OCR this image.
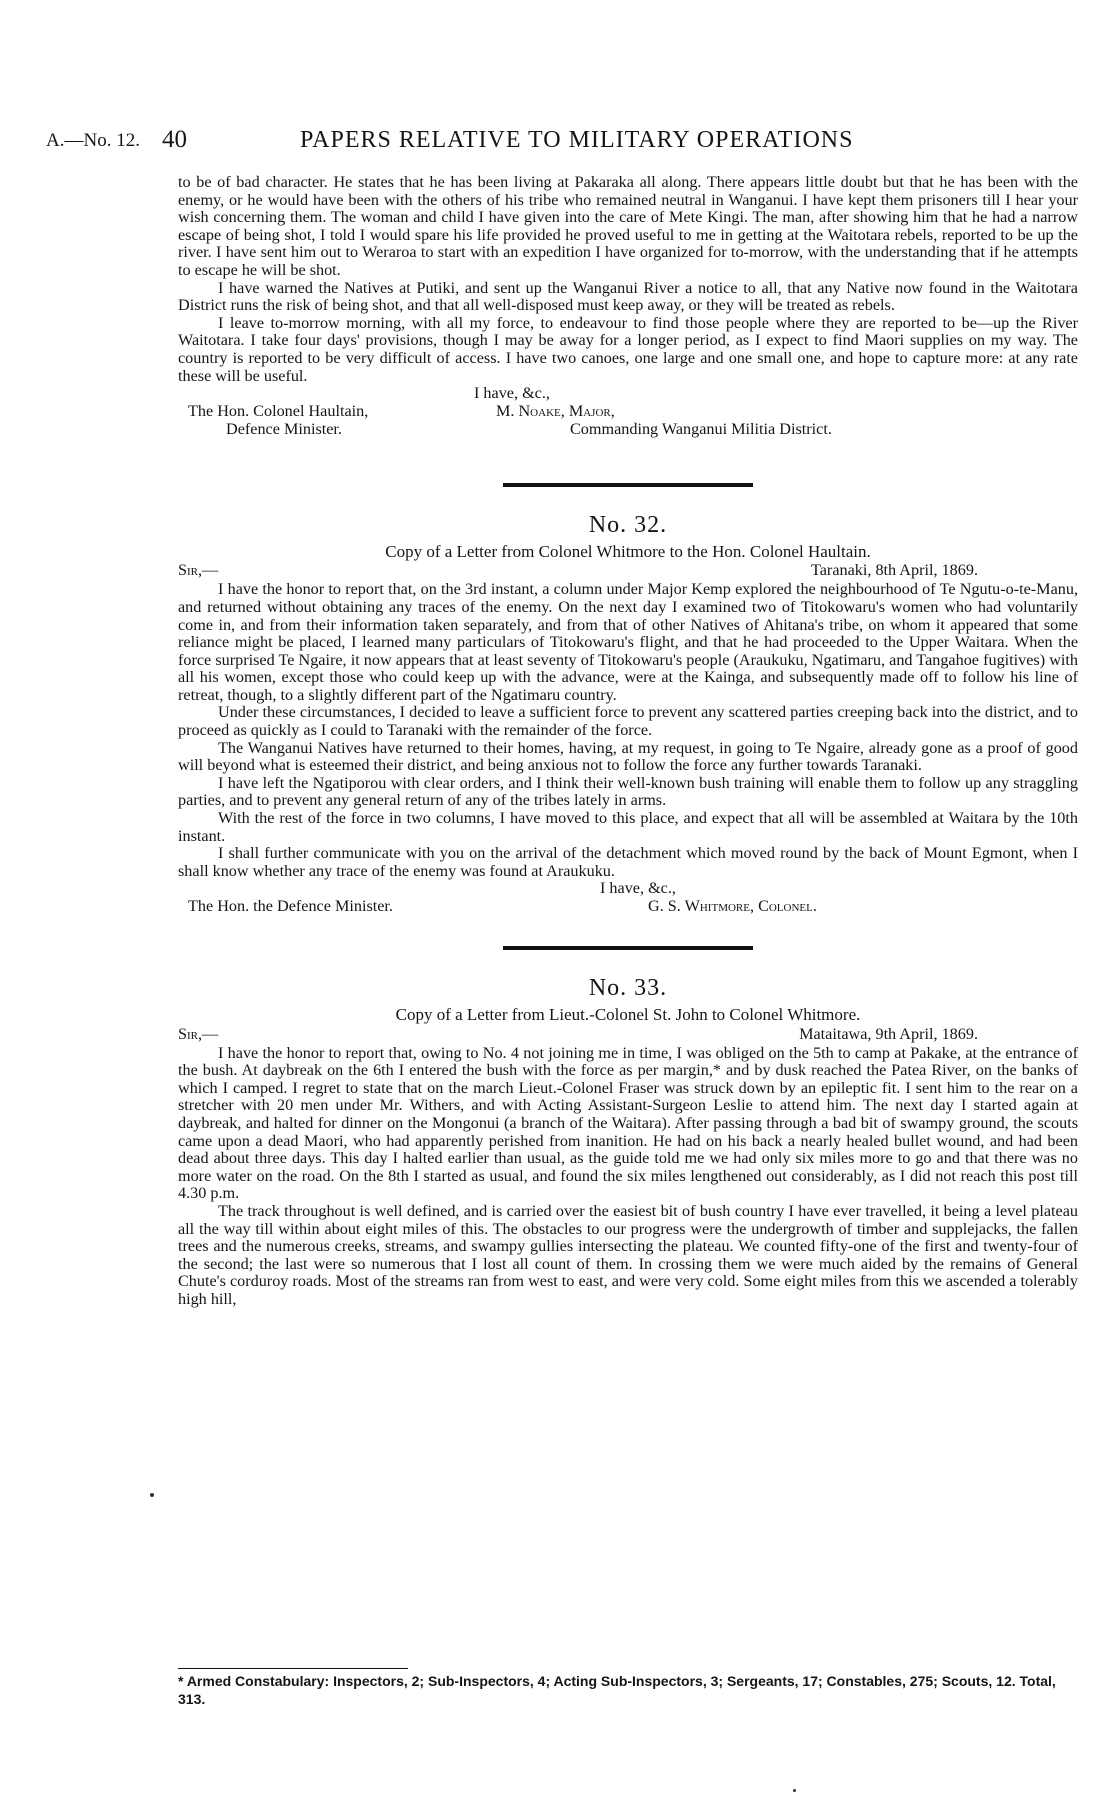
A.—No. 12. 40	PAPERS RELATIVE TO MILITARY OPERATIONS

to be of bad character. He states that he has been living at Pakaraka all along. There appears little doubt but that he has been with the enemy, or he would have been with the others of his tribe who remained neutral in Wanganui. I have kept them prisoners till I hear your wish concerning them. The woman and child I have given into the care of Mete Kingi. The man, after showing him that he had a narrow escape of being shot, I told I would spare his life provided he proved useful to me in getting at the Waitotara rebels, reported to be up the river. I have sent him out to Weraroa to start with an expedition I have organized for to-morrow, with the understanding that if he attempts to escape he will be shot.

I have warned the Natives at Putiki, and sent up the Wanganui River a notice to all, that any Native now found in the Waitotara District runs the risk of being shot, and that all well-disposed must keep away, or they will be treated as rebels.

I leave to-morrow morning, with all my force, to endeavour to find those people where they are reported to be—up the River Waitotara. I take four days' provisions, though I may be away for a longer period, as I expect to find Maori supplies on my way. The country is reported to be very difficult of access. I have two canoes, one large and one small one, and hope to capture more: at any rate these will be useful.

I have, &c.,
The Hon. Colonel Haultain,
Defence Minister.
M. Noake, Major,
Commanding Wanganui Militia District.
No. 32.
Copy of a Letter from Colonel Whitmore to the Hon. Colonel Haultain.
Sir,—	Taranaki, 8th April, 1869.

I have the honor to report that, on the 3rd instant, a column under Major Kemp explored the neighbourhood of Te Ngutu-o-te-Manu, and returned without obtaining any traces of the enemy. On the next day I examined two of Titokowaru's women who had voluntarily come in, and from their information taken separately, and from that of other Natives of Ahitana's tribe, on whom it appeared that some reliance might be placed, I learned many particulars of Titokowaru's flight, and that he had proceeded to the Upper Waitara. When the force surprised Te Ngaire, it now appears that at least seventy of Titokowaru's people (Araukuku, Ngatimaru, and Tangahoe fugitives) with all his women, except those who could keep up with the advance, were at the Kainga, and subsequently made off to follow his line of retreat, though, to a slightly different part of the Ngatimaru country.

Under these circumstances, I decided to leave a sufficient force to prevent any scattered parties creeping back into the district, and to proceed as quickly as I could to Taranaki with the remainder of the force.

The Wanganui Natives have returned to their homes, having, at my request, in going to Te Ngaire, already gone as a proof of good will beyond what is esteemed their district, and being anxious not to follow the force any further towards Taranaki.

I have left the Ngatiporou with clear orders, and I think their well-known bush training will enable them to follow up any straggling parties, and to prevent any general return of any of the tribes lately in arms.

With the rest of the force in two columns, I have moved to this place, and expect that all will be assembled at Waitara by the 10th instant.

I shall further communicate with you on the arrival of the detachment which moved round by the back of Mount Egmont, when I shall know whether any trace of the enemy was found at Araukuku.

I have, &c.,
The Hon. the Defence Minister.	G. S. Whitmore, Colonel.
No. 33.
Copy of a Letter from Lieut.-Colonel St. John to Colonel Whitmore.
Sir,—	Mataitawa, 9th April, 1869.

I have the honor to report that, owing to No. 4 not joining me in time, I was obliged on the 5th to camp at Pakake, at the entrance of the bush. At daybreak on the 6th I entered the bush with the force as per margin,* and by dusk reached the Patea River, on the banks of which I camped. I regret to state that on the march Lieut.-Colonel Fraser was struck down by an epileptic fit. I sent him to the rear on a stretcher with 20 men under Mr. Withers, and with Acting Assistant-Surgeon Leslie to attend him. The next day I started again at daybreak, and halted for dinner on the Mongonui (a branch of the Waitara). After passing through a bad bit of swampy ground, the scouts came upon a dead Maori, who had apparently perished from inanition. He had on his back a nearly healed bullet wound, and had been dead about three days. This day I halted earlier than usual, as the guide told me we had only six miles more to go and that there was no more water on the road. On the 8th I started as usual, and found the six miles lengthened out considerably, as I did not reach this post till 4.30 p.m.

The track throughout is well defined, and is carried over the easiest bit of bush country I have ever travelled, it being a level plateau all the way till within about eight miles of this. The obstacles to our progress were the undergrowth of timber and supplejacks, the fallen trees and the numerous creeks, streams, and swampy gullies intersecting the plateau. We counted fifty-one of the first and twenty-four of the second; the last were so numerous that I lost all count of them. In crossing them we were much aided by the remains of General Chute's corduroy roads. Most of the streams ran from west to east, and were very cold. Some eight miles from this we ascended a tolerably high hill,

* Armed Constabulary: Inspectors, 2; Sub-Inspectors, 4; Acting Sub-Inspectors, 3; Sergeants, 17; Constables, 275; Scouts, 12. Total, 313.
